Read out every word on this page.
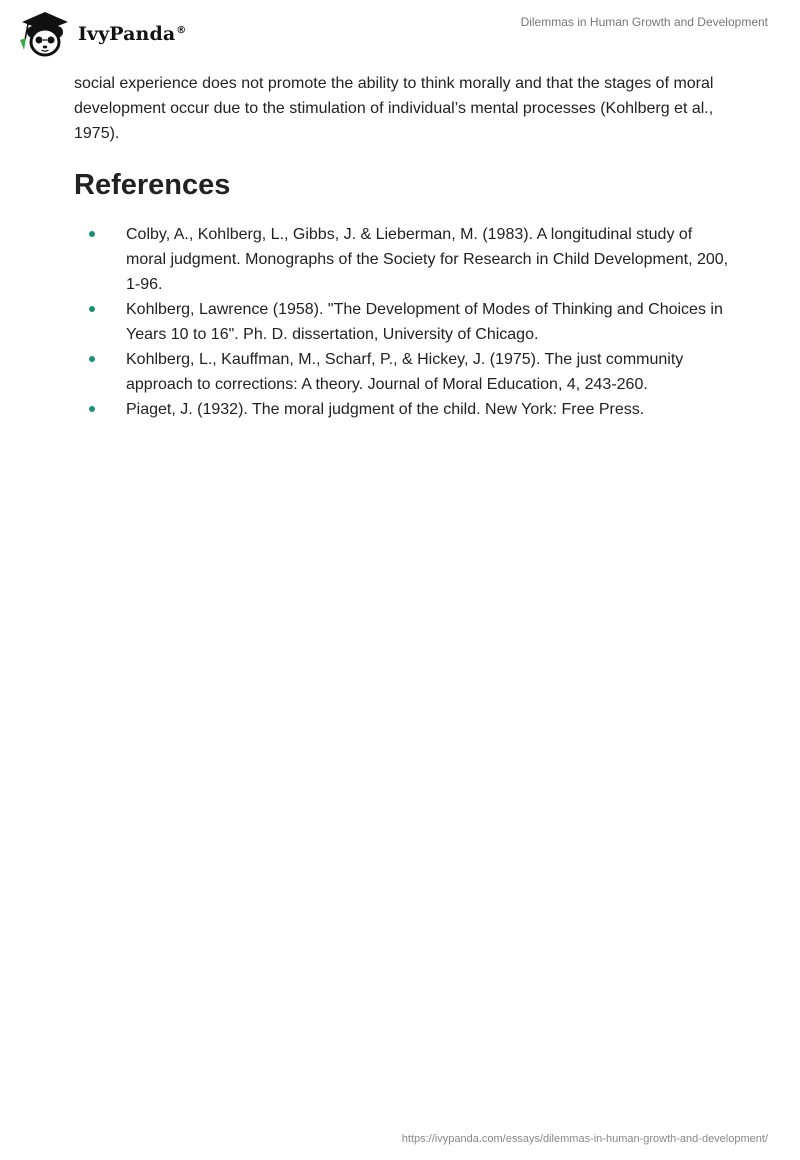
IvyPanda®
Dilemmas in Human Growth and Development

social experience does not promote the ability to think morally and that the stages of moral development occur due to the stimulation of individual’s mental processes (Kohlberg et al., 1975).

References
Colby, A., Kohlberg, L., Gibbs, J. & Lieberman, M. (1983). A longitudinal study of moral judgment. Monographs of the Society for Research in Child Development, 200, 1-96.
Kohlberg, Lawrence (1958). "The Development of Modes of Thinking and Choices in Years 10 to 16". Ph. D. dissertation, University of Chicago.
Kohlberg, L., Kauffman, M., Scharf, P., & Hickey, J. (1975). The just community approach to corrections: A theory. Journal of Moral Education, 4, 243-260.
Piaget, J. (1932). The moral judgment of the child. New York: Free Press.
https://ivypanda.com/essays/dilemmas-in-human-growth-and-development/
